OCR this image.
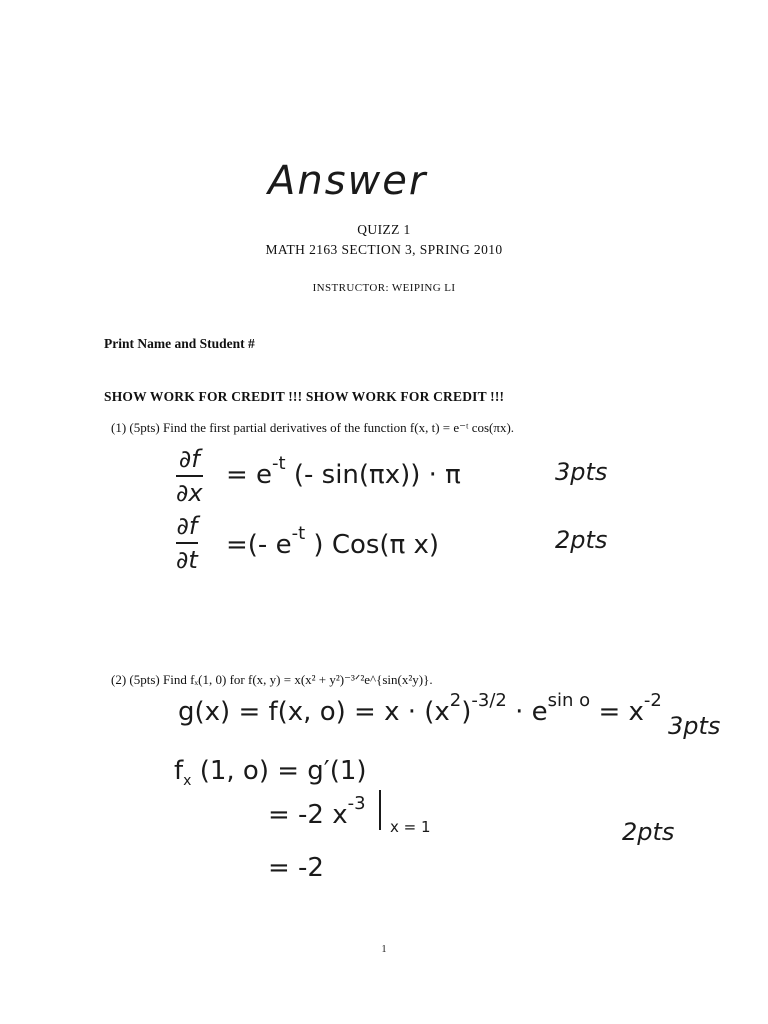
Answer
QUIZZ 1
MATH 2163 SECTION 3, SPRING 2010
INSTRUCTOR: WEIPING LI
Print Name and Student #
SHOW WORK FOR CREDIT !!! SHOW WORK FOR CREDIT !!!
(1) (5pts) Find the first partial derivatives of the function f(x, t) = e⁻ᵗ cos(πx).
∂f
∂x
= $e^{-t}$ (- sin(πx)) · π	3pts
∂f
∂t =(- $e^{-t}$ ) Cos(π x)	2pts
(2) (5pts) Find fₓ(1, 0) for f(x, y) = x(x² + y²)⁻³ᐟ²e^{sin(x²y)}.
g(x) = f(x, $o) = x \cdot (x^2)^{-3/2} \cdot e^{sin o} = x^{-2}$
3pts
$f_x$ (1, o) = g′(1)
= -2 $x^{-3}$
x = 1	2pts
= -2
1
